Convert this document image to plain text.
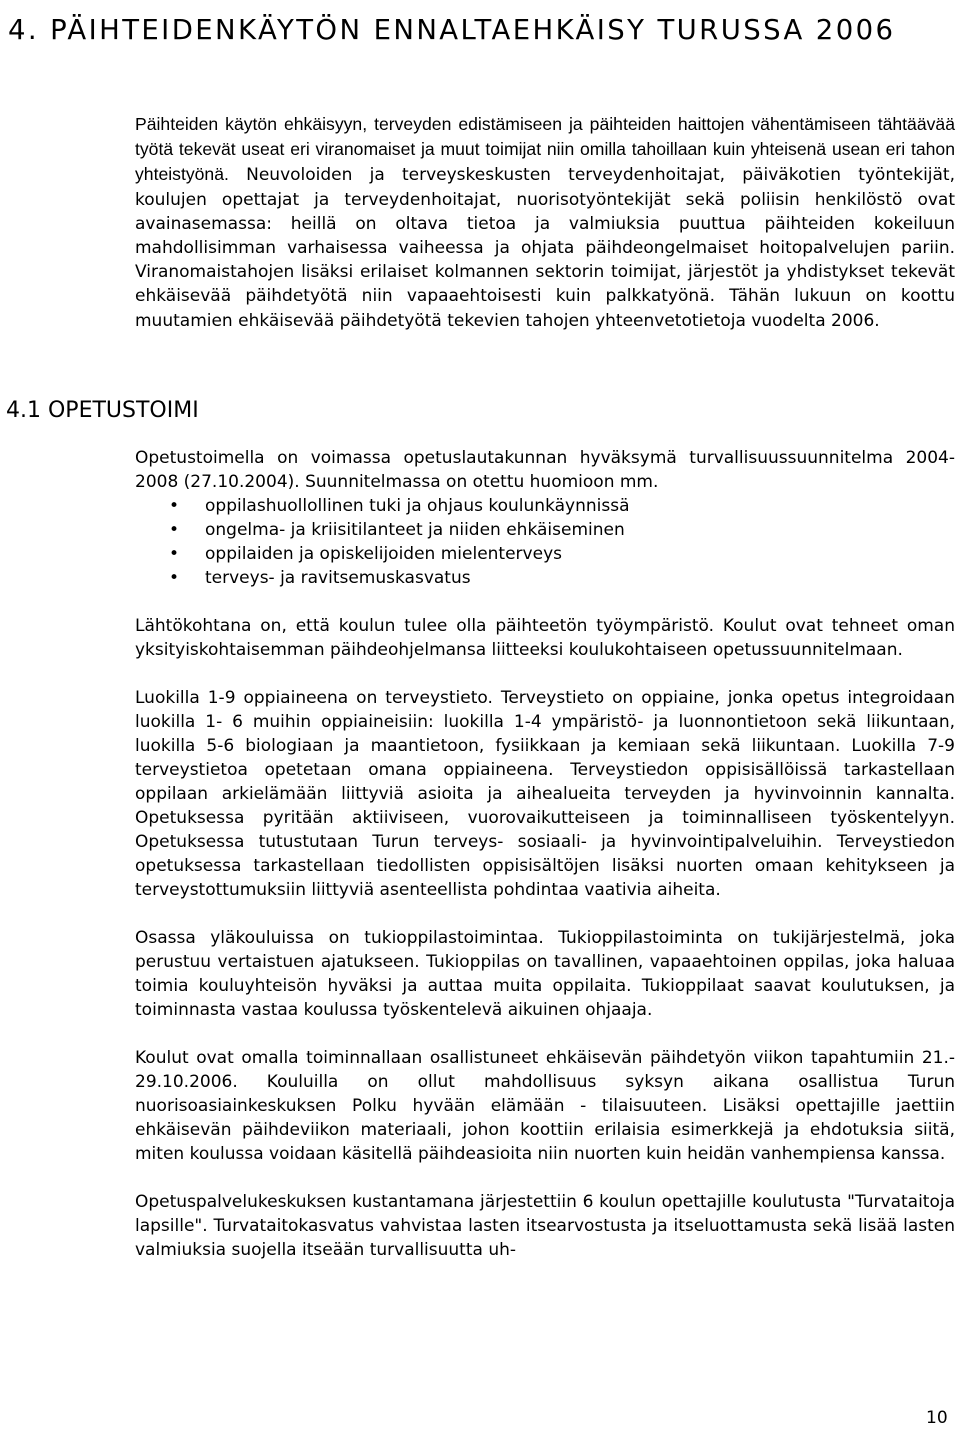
4. PÄIHTEIDENKÄYTÖN ENNALTAEHKÄISY TURUSSA 2006

Päihteiden käytön ehkäisyyn, terveyden edistämiseen ja päihteiden haittojen vähentämiseen tähtäävää työtä tekevät useat eri viranomaiset ja muut toimijat niin omilla tahoillaan kuin yhteisenä usean eri tahon yhteistyönä. Neuvoloiden ja terveyskeskusten terveydenhoitajat, päiväkotien työntekijät, koulujen opettajat ja terveydenhoitajat, nuorisotyöntekijät sekä poliisin henkilöstö ovat avainasemassa: heillä on oltava tietoa ja valmiuksia puuttua päihteiden kokeiluun mahdollisimman varhaisessa vaiheessa ja ohjata päihdeongelmaiset hoitopalvelujen pariin. Viranomaistahojen lisäksi erilaiset kolmannen sektorin toimijat, järjestöt ja yhdistykset tekevät ehkäisevää päihdetyötä niin vapaaehtoisesti kuin palkkatyönä. Tähän lukuun on koottu muutamien ehkäisevää päihdetyötä tekevien tahojen yhteenvetotietoja vuodelta 2006.

4.1 OPETUSTOIMI

Opetustoimella on voimassa opetuslautakunnan hyväksymä turvallisuussuunnitelma 2004-2008 (27.10.2004). Suunnitelmassa on otettu huomioon mm.

• oppilashuollollinen tuki ja ohjaus koulunkäynnissä
• ongelma- ja kriisitilanteet ja niiden ehkäiseminen
• oppilaiden ja opiskelijoiden mielenterveys
• terveys- ja ravitsemuskasvatus

Lähtökohtana on, että koulun tulee olla päihteetön työympäristö. Koulut ovat tehneet oman yksityiskohtaisemman päihdeohjelmansa liitteeksi koulukohtaiseen opetussuunnitelmaan.

Luokilla 1-9 oppiaineena on terveystieto. Terveystieto on oppiaine, jonka opetus integroidaan luokilla 1- 6 muihin oppiaineisiin: luokilla 1-4 ympäristö- ja luonnontietoon sekä liikuntaan, luokilla 5-6 biologiaan ja maantietoon, fysiikkaan ja kemiaan sekä liikuntaan. Luokilla 7-9 terveystietoa opetetaan omana oppiaineena. Terveystiedon oppisisällöissä tarkastellaan oppilaan arkielämään liittyviä asioita ja aihealueita terveyden ja hyvinvoinnin kannalta. Opetuksessa pyritään aktiiviseen, vuorovaikutteiseen ja toiminnalliseen työskentelyyn. Opetuksessa tutustutaan Turun terveys- sosiaali- ja hyvinvointipalveluihin. Terveystiedon opetuksessa tarkastellaan tiedollisten oppisisältöjen lisäksi nuorten omaan kehitykseen ja terveystottumuksiin liittyviä asenteellista pohdintaa vaativia aiheita.

Osassa yläkouluissa on tukioppilastoimintaa. Tukioppilastoiminta on tukijärjestelmä, joka perustuu vertaistuen ajatukseen. Tukioppilas on tavallinen, vapaaehtoinen oppilas, joka haluaa toimia kouluyhteisön hyväksi ja auttaa muita oppilaita. Tukioppilaat saavat koulutuksen, ja toiminnasta vastaa koulussa työskentelevä aikuinen ohjaaja.

Koulut ovat omalla toiminnallaan osallistuneet ehkäisevän päihdetyön viikon tapahtumiin 21.- 29.10.2006. Kouluilla on ollut mahdollisuus syksyn aikana osallistua Turun nuorisoasiainkeskuksen Polku hyvään elämään - tilaisuuteen. Lisäksi opettajille jaettiin ehkäisevän päihdeviikon materiaali, johon koottiin erilaisia esimerkkejä ja ehdotuksia siitä, miten koulussa voidaan käsitellä päihdeasioita niin nuorten kuin heidän vanhempiensa kanssa.

Opetuspalvelukeskuksen kustantamana järjestettiin 6 koulun opettajille koulutusta "Turvataitoja lapsille". Turvataitokasvatus vahvistaa lasten itsearvostusta ja itseluottamusta sekä lisää lasten valmiuksia suojella itseään turvallisuutta uh-

10
